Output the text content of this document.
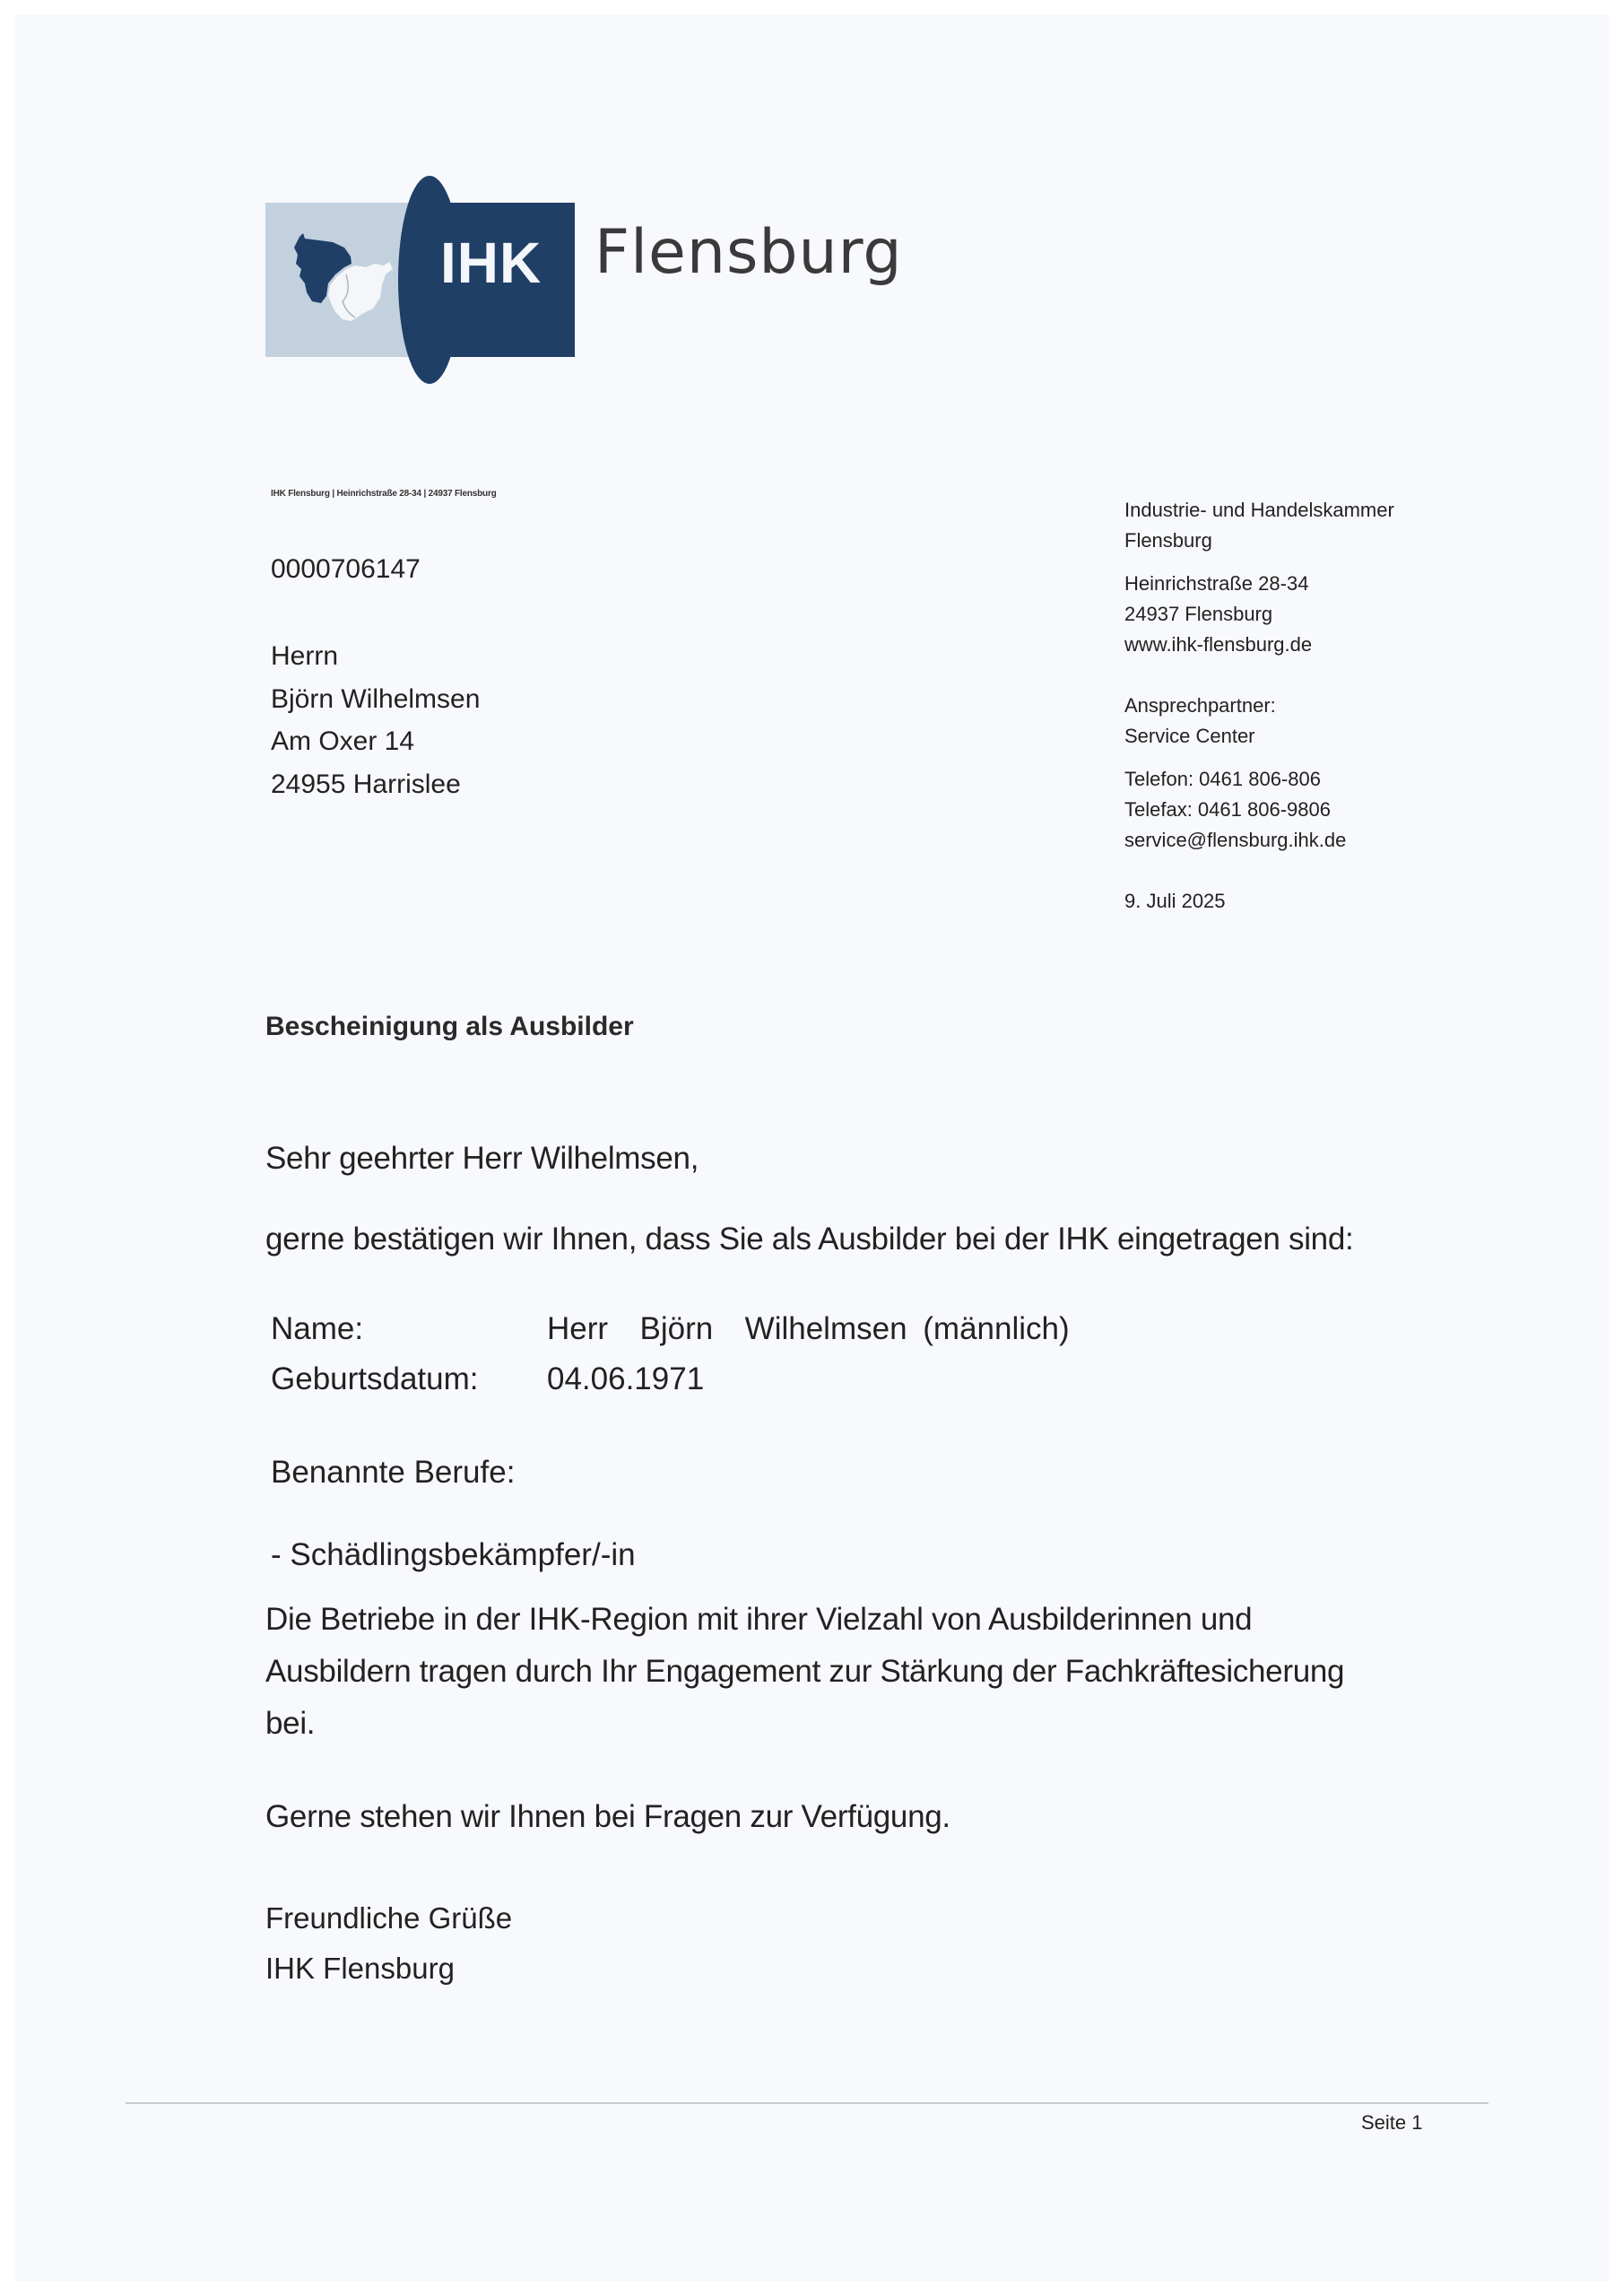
IHK Flensburg
IHK Flensburg | Heinrichstraße 28-34 | 24937 Flensburg
0000706147
Herrn
Björn Wilhelmsen
Am Oxer 14
24955 Harrislee
Industrie- und Handelskammer
Flensburg
Heinrichstraße 28-34
24937 Flensburg
www.ihk-flensburg.de
Ansprechpartner:
Service Center
Telefon: 0461 806-806
Telefax: 0461 806-9806
service@flensburg.ihk.de
9. Juli 2025
Bescheinigung als Ausbilder
Sehr geehrter Herr Wilhelmsen,
gerne bestätigen wir Ihnen, dass Sie als Ausbilder bei der IHK eingetragen sind:
Name:	Herr  Björn  Wilhelmsen (männlich)
Geburtsdatum: 04.06.1971
Benannte Berufe:
- Schädlingsbekämpfer/-in
Die Betriebe in der IHK-Region mit ihrer Vielzahl von Ausbilderinnen und
Ausbildern tragen durch Ihr Engagement zur Stärkung der Fachkräftesicherung
bei.
Gerne stehen wir Ihnen bei Fragen zur Verfügung.
Freundliche Grüße
IHK Flensburg
Seite 1
